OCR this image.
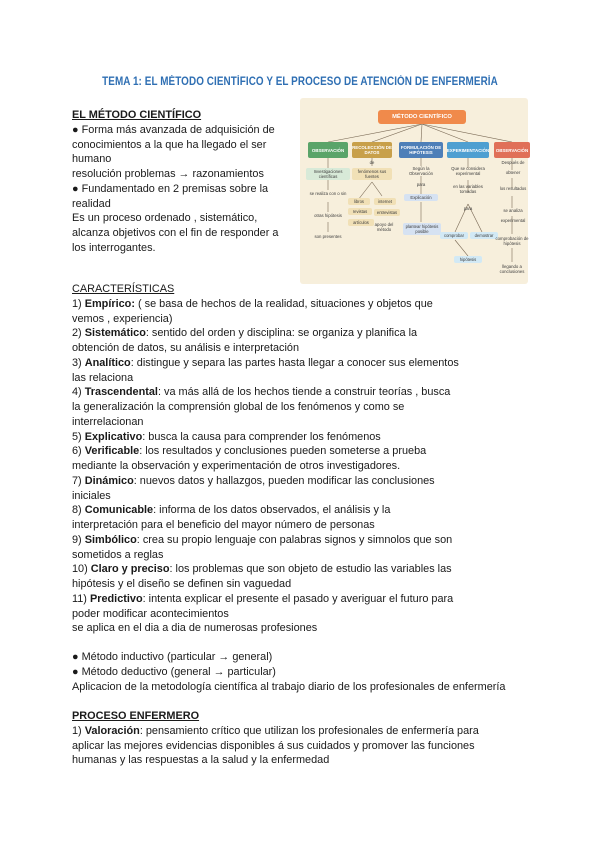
TEMA 1: EL MÉTODO CIENTÍFICO Y EL PROCESO DE ATENCIÓN DE ENFERMERÍA

EL MÉTODO CIENTÍFICO

● Forma más avanzada de adquisición de conocimientos a la que ha llegado el ser humano

resolución problemas → razonamientos

● Fundamentado en 2 premisas sobre la realidad

Es un proceso ordenado , sistemático, alcanza objetivos con el fin de responder a los interrogantes.

MÉTODO CIENTÍFICO
OBSERVACIÓN	RECOLECCIÓN DE DATOS
FORMULACIÓN DE HIPÓTESIS	EXPERIMENTACIÓN	OBSERVACIÓN
Investigaciones científicas
se realiza con o sin
otras hipótesis
son presentes
de
fenómenos sus fuentes
libros
revistas
artículos
internet
entrevistas
apoyo del método
Según la Observación
para
Explicación
plantear hipótesis posible
Que se considera experimental
en las variables tomadas
para
comprobar	demostrar
hipótesis
Después de
obtener
los resultados
se analiza
experimental
comprobación de hipótesis
llegando a conclusiones

CARACTERÍSTICAS

1) Empírico: ( se basa de hechos de la realidad, situaciones y objetos que

vemos , experiencia)

2) Sistemático: sentido del orden y disciplina: se organiza y planifica la

obtención de datos, su análisis e interpretación

3) Analítico: distingue y separa las partes hasta llegar a conocer sus elementos

las relaciona

4) Trascendental: va más allá de los hechos tiende a construir teorías , busca

la generalización la comprensión global de los fenómenos y como se

interrelacionan

5) Explicativo: busca la causa para comprender los fenómenos

6) Verificable: los resultados y conclusiones pueden someterse a prueba

mediante la observación y experimentación de otros investigadores.

7) Dinámico: nuevos datos y hallazgos, pueden modificar las conclusiones

iniciales

8) Comunicable: informa de los datos observados, el análisis y la

interpretación para el beneficio del mayor número de personas

9) Simbólico: crea su propio lenguaje con palabras signos y simnolos que son

sometidos a reglas

10) Claro y preciso: los problemas que son objeto de estudio las variables las

hipótesis y el diseño se definen sin vaguedad

11) Predictivo: intenta explicar el presente el pasado y averiguar el futuro para

poder modificar acontecimientos

se aplica en el dia a dia de numerosas profesiones

● Método inductivo (particular → general)

● Método deductivo (general → particular)

Aplicacion de la metodología científica al trabajo diario de los profesionales de enfermería

PROCESO ENFERMERO

1) Valoración: pensamiento crítico que utilizan los profesionales de enfermería para

aplicar las mejores evidencias disponibles á sus cuidados y promover las funciones

humanas y las respuestas a la salud y la enfermedad
